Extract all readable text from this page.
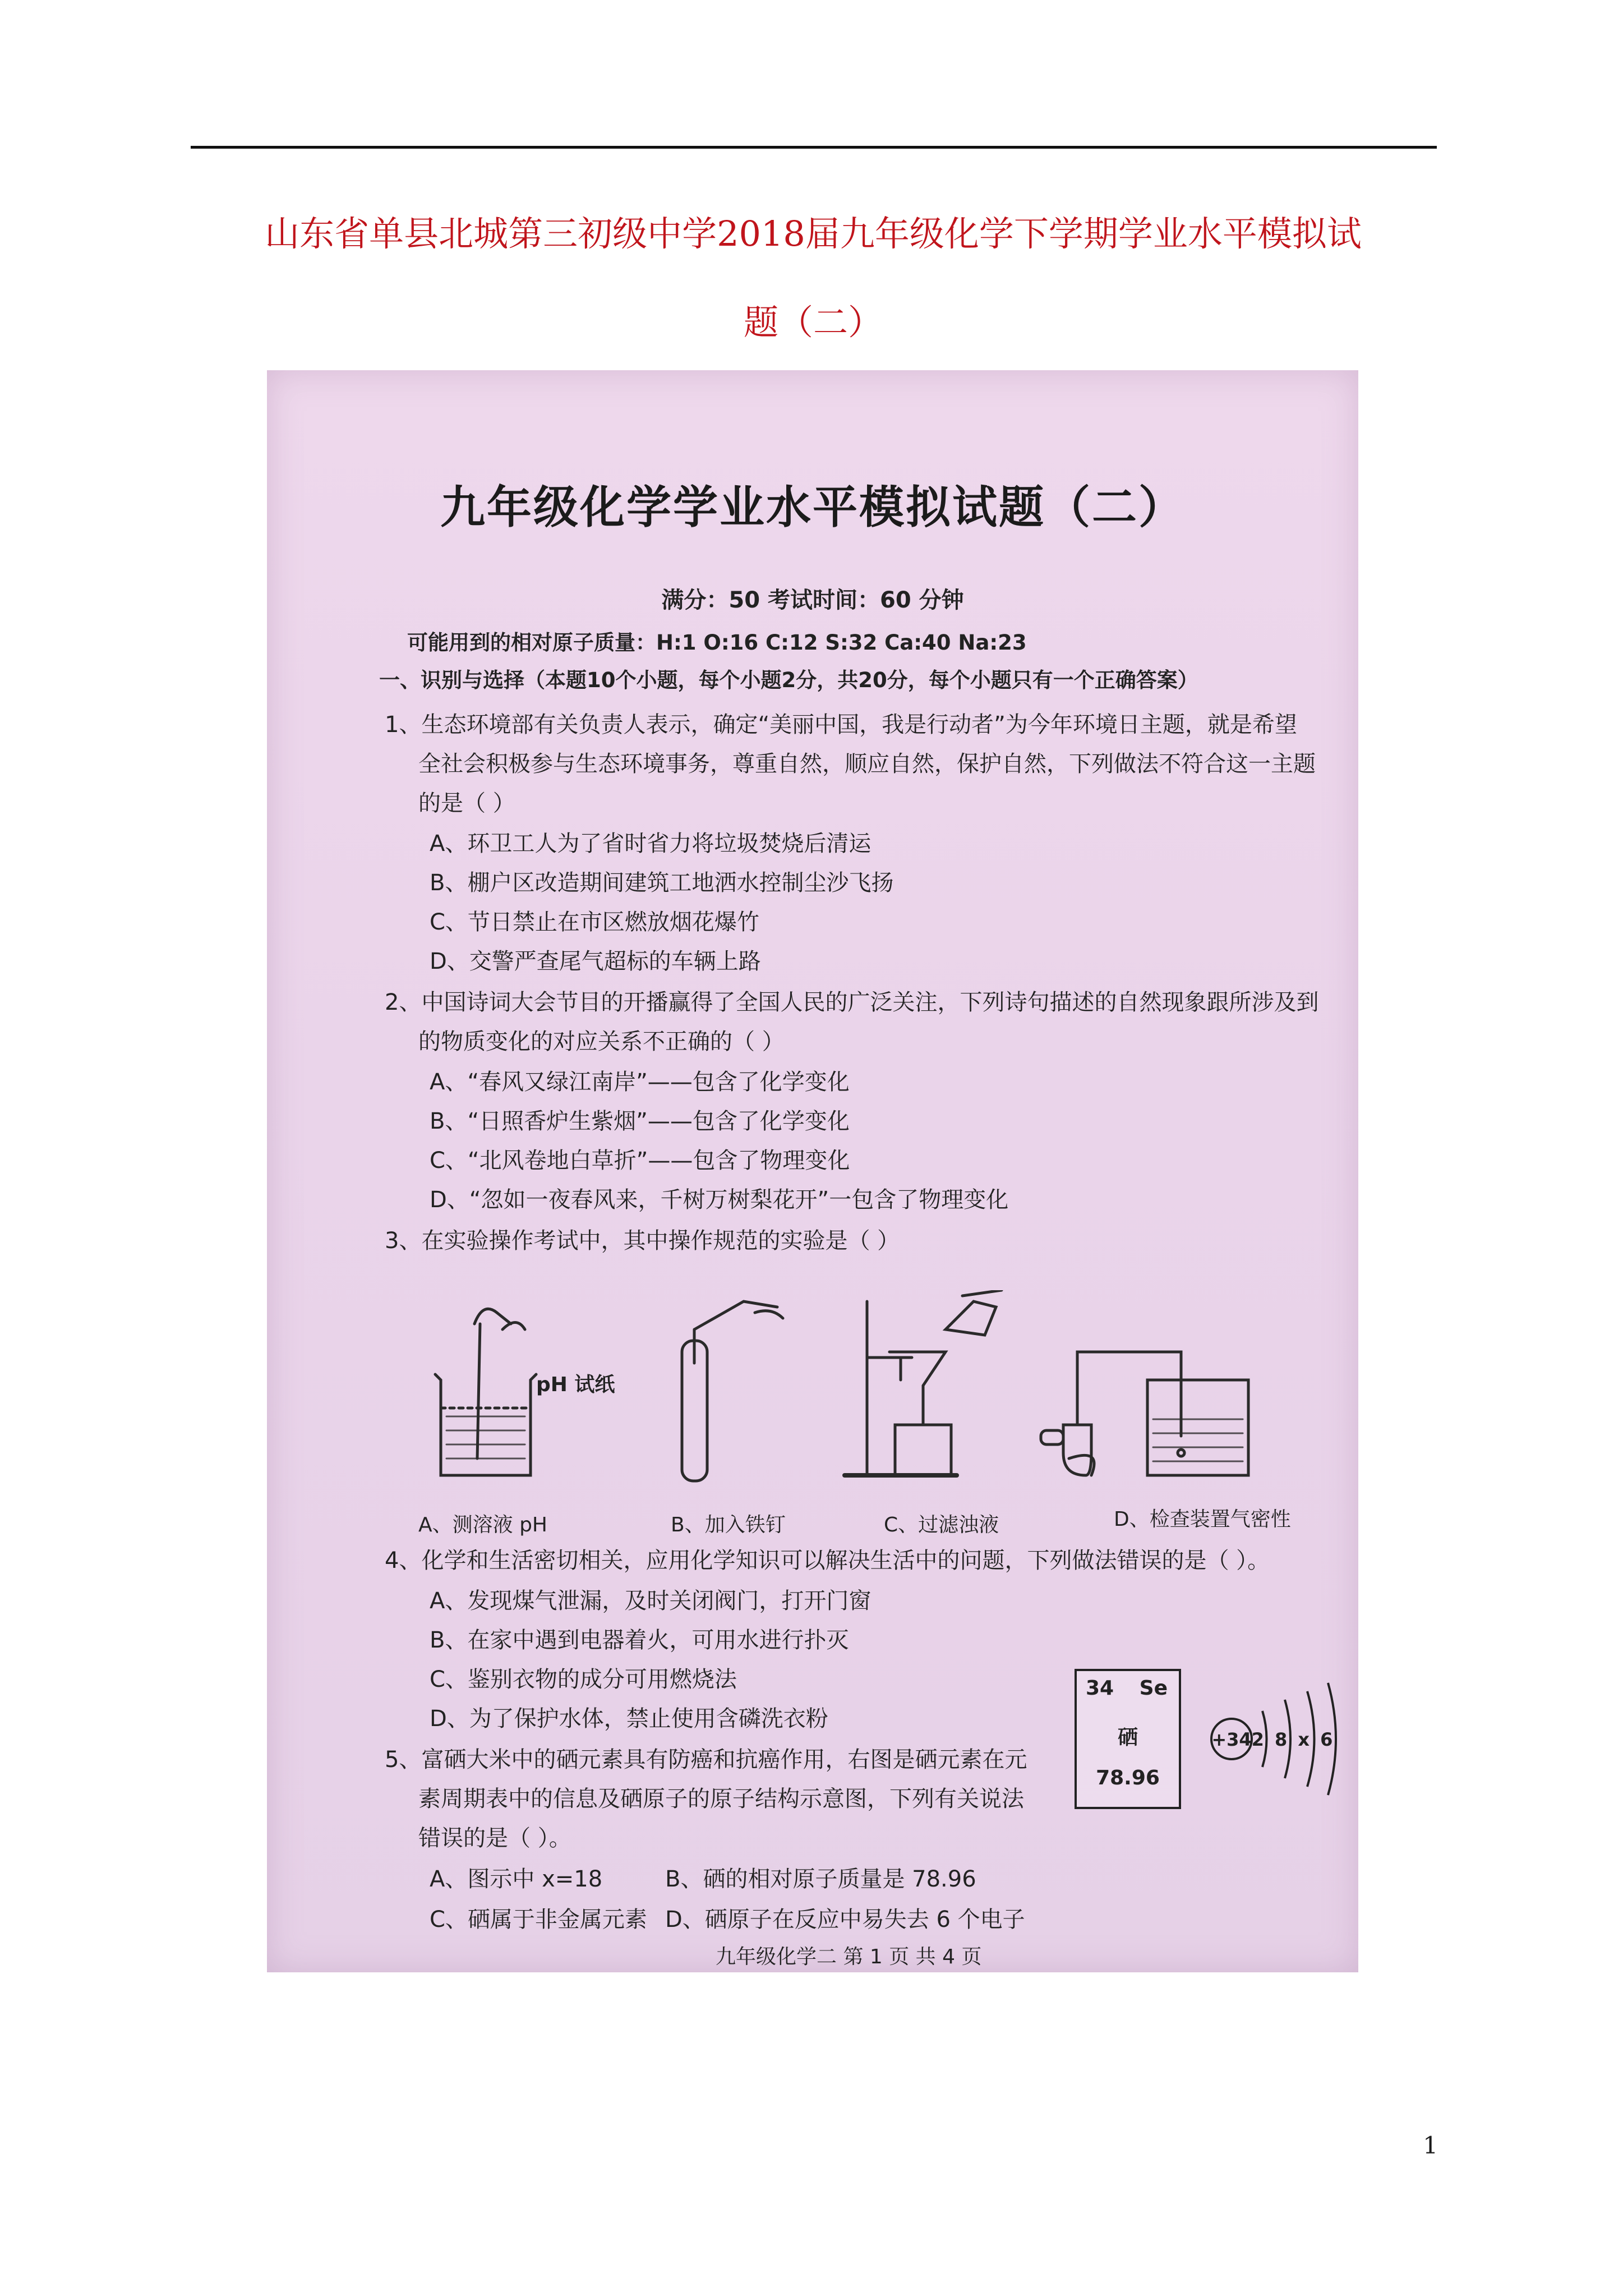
山东省单县北城第三初级中学2018届九年级化学下学期学业水平模拟试
题（二）
九年级化学学业水平模拟试题（二）
满分：50 考试时间：60 分钟
可能用到的相对原子质量：H:1 O:16 C:12 S:32 Ca:40 Na:23
一、识别与选择（本题10个小题，每个小题2分，共20分，每个小题只有一个正确答案）
1、生态环境部有关负责人表示，确定“美丽中国，我是行动者”为今年环境日主题，就是希望
全社会积极参与生态环境事务，尊重自然，顺应自然，保护自然，下列做法不符合这一主题
的是（ ）
A、环卫工人为了省时省力将垃圾焚烧后清运
B、棚户区改造期间建筑工地洒水控制尘沙飞扬
C、节日禁止在市区燃放烟花爆竹
D、交警严查尾气超标的车辆上路
2、中国诗词大会节目的开播赢得了全国人民的广泛关注，下列诗句描述的自然现象跟所涉及到
的物质变化的对应关系不正确的（ ）
A、“春风又绿江南岸”——包含了化学变化
B、“日照香炉生紫烟”——包含了化学变化
C、“北风卷地白草折”——包含了物理变化
D、“忽如一夜春风来，千树万树梨花开”一包含了物理变化
3、在实验操作考试中，其中操作规范的实验是（ ）
pH 试纸
A、测溶液 pH	B、加入铁钉	C、过滤浊液	D、检查装置气密性
4、化学和生活密切相关，应用化学知识可以解决生活中的问题，下列做法错误的是（ ）。
A、发现煤气泄漏，及时关闭阀门，打开门窗
B、在家中遇到电器着火，可用水进行扑灭
C、鉴别衣物的成分可用燃烧法
D、为了保护水体，禁止使用含磷洗衣粉
5、富硒大米中的硒元素具有防癌和抗癌作用，右图是硒元素在元
素周期表中的信息及硒原子的原子结构示意图，下列有关说法
错误的是（ ）。
A、图示中 x=18	B、硒的相对原子质量是 78.96
C、硒属于非金属元素 D、硒原子在反应中易失去 6 个电子
34 Se
硒
78.96
+34 2 8 x 6
九年级化学二 第 1 页 共 4 页
1
